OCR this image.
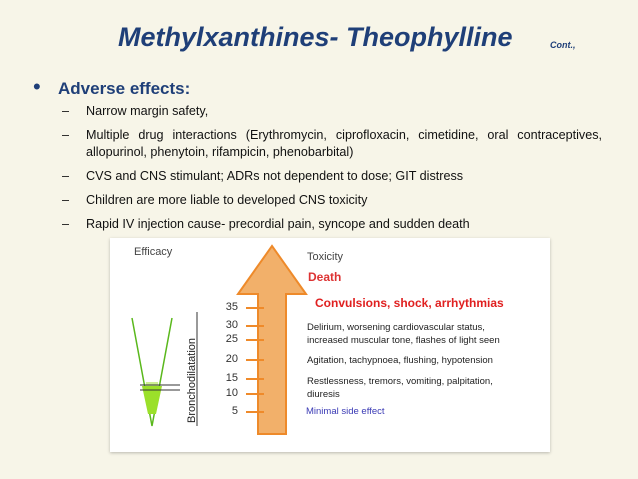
Methylxanthines- Theophylline	Cont.,
• Adverse effects:
– Narrow margin safety,
– Multiple drug interactions (Erythromycin, ciprofloxacin, cimetidine, oral contraceptives, allopurinol, phenytoin, rifampicin, phenobarbital)
– CVS and CNS stimulant; ADRs not dependent to dose; GIT distress
– Children are more liable to developed CNS toxicity
– Rapid IV injection cause- precordial pain, syncope and sudden death
Efficacy	Toxicity
Bronchodilatation
35
30
25
20
15
10
5
Death
Convulsions, shock, arrhythmias
Delirium, worsening cardiovascular status,
increased muscular tone, flashes of light seen
Agitation, tachypnoea, flushing, hypotension
Restlessness, tremors, vomiting, palpitation,
diuresis
Minimal side effect
